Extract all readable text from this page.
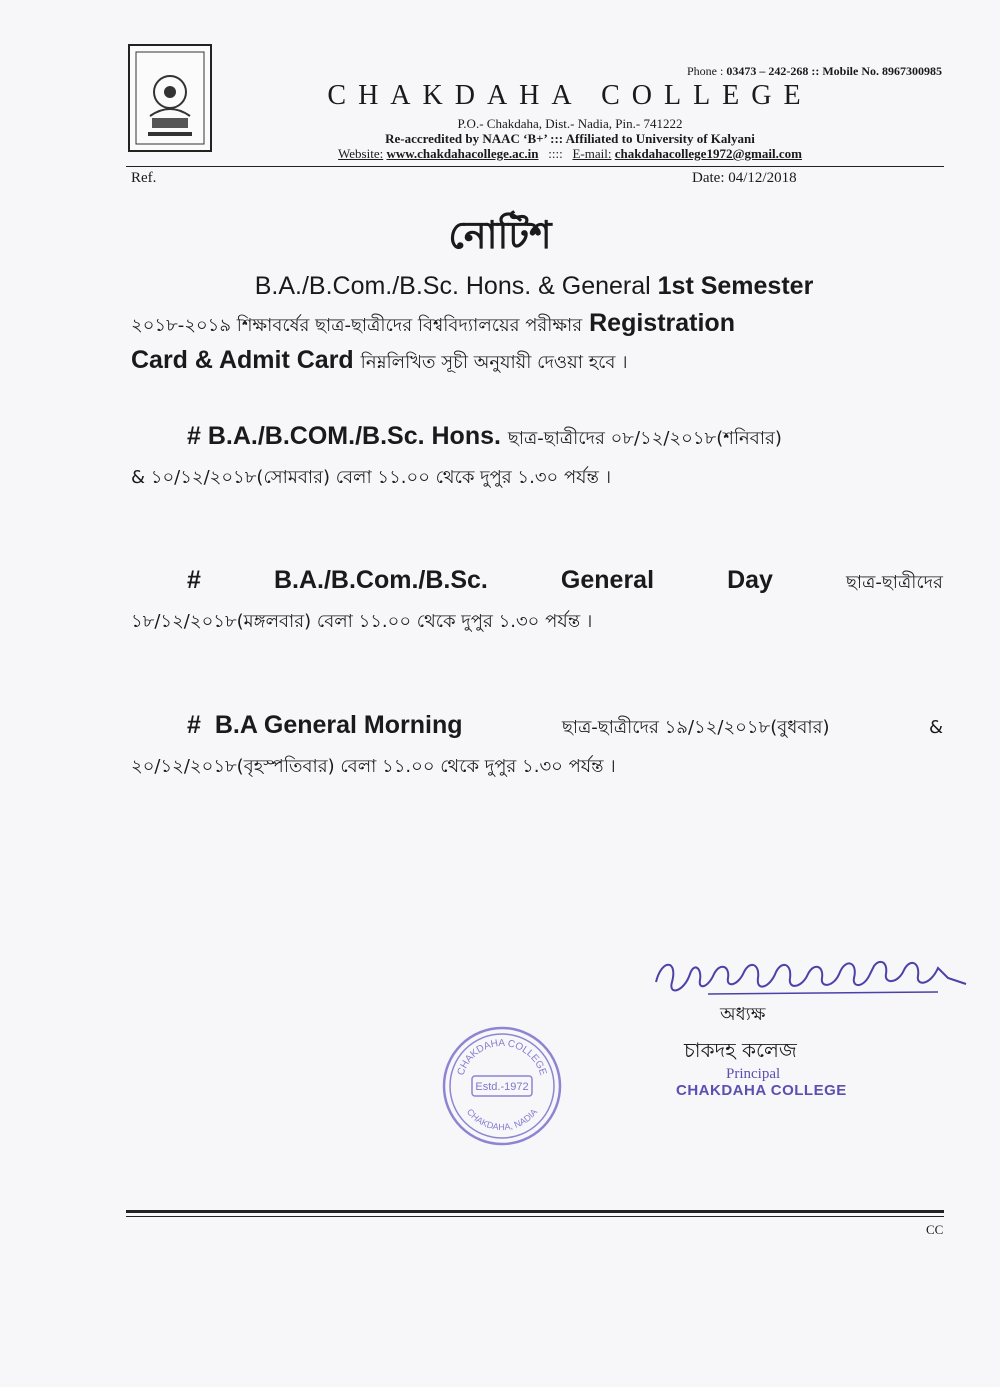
Phone : 03473 – 242-268 :: Mobile No. 8967300985
CHAKDAHA COLLEGE
P.O.- Chakdaha, Dist.- Nadia, Pin.- 741222
Re-accredited by NAAC ‘B+’ ::: Affiliated to University of Kalyani
Website: www.chakdahacollege.ac.in :::: E-mail: chakdahacollege1972@gmail.com
Ref.	Date: 04/12/2018
নোটিশ
B.A./B.Com./B.Sc. Hons. & General 1st Semester
২০১৮-২০১৯ শিক্ষাবর্ষের ছাত্র-ছাত্রীদের বিশ্ববিদ্যালয়ের পরীক্ষার Registration
Card & Admit Card নিম্নলিখিত সূচী অনুযায়ী দেওয়া হবে ।
# B.A./B.COM./B.Sc. Hons. ছাত্র-ছাত্রীদের ০৮/১২/২০১৮(শনিবার)
& ১০/১২/২০১৮(সোমবার) বেলা ১১.০০ থেকে দুপুর ১.৩০ পর্যন্ত ।
#	B.A./B.Com./B.Sc.	General	Day	ছাত্র-ছাত্রীদের
১৮/১২/২০১৮(মঙ্গলবার) বেলা ১১.০০ থেকে দুপুর ১.৩০ পর্যন্ত ।
# B.A General Morning	ছাত্র-ছাত্রীদের ১৯/১২/২০১৮(বুধবার)	&
২০/১২/২০১৮(বৃহস্পতিবার) বেলা ১১.০০ থেকে দুপুর ১.৩০ পর্যন্ত ।
অধ্যক্ষ
চাকদহ কলেজ
Principal
CHAKDAHA COLLEGE
CHAKDAHA COLLEGE
Estd.-1972
CHAKDAHA, NADIA
CC
